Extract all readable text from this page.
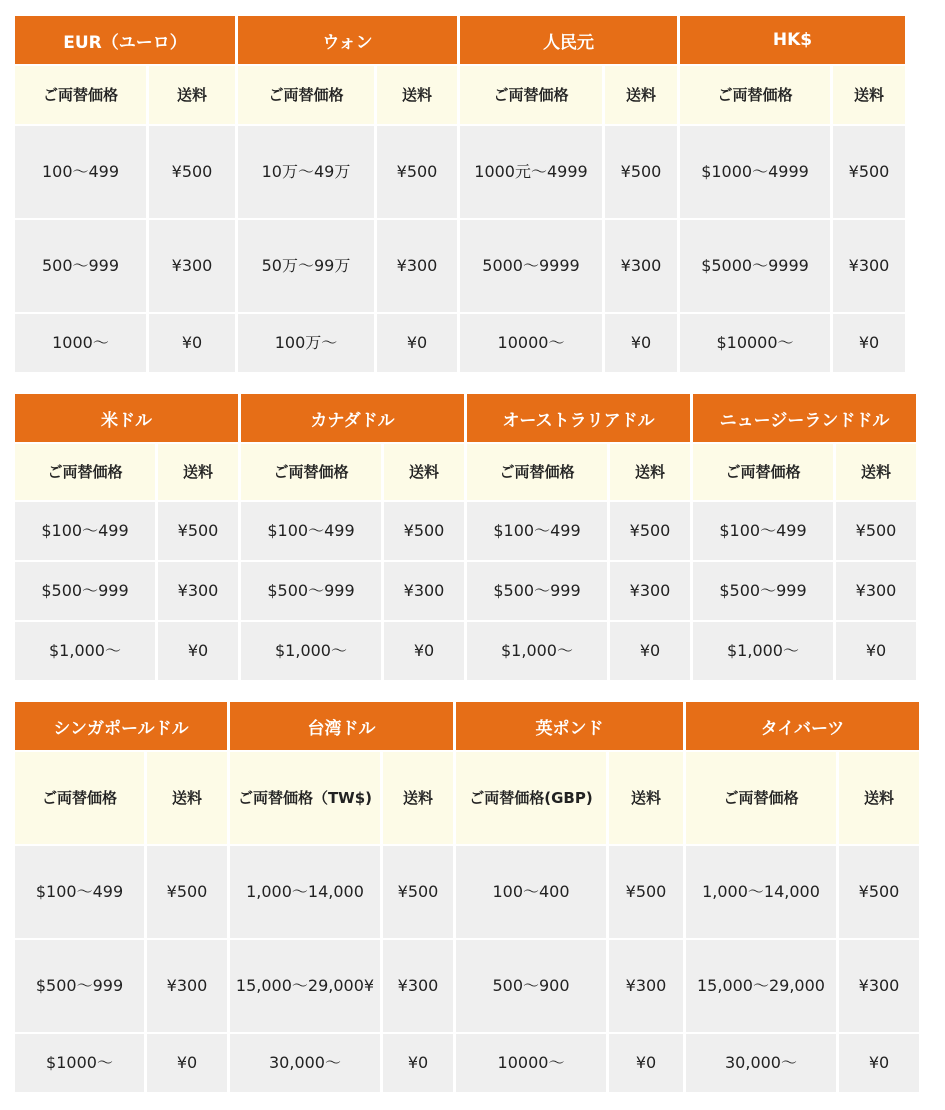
EUR（ユーロ）		ウォン		人民元		HK$	
ご両替価格	送料	ご両替価格	送料	ご両替価格	送料	ご両替価格	送料
100〜499	¥500	10万〜49万	¥500	1000元〜4999	¥500	$1000〜4999	¥500
500〜999	¥300	50万〜99万	¥300	5000〜9999	¥300	$5000〜9999	¥300
1000〜	¥0	100万〜	¥0	10000〜	¥0	$10000〜	¥0
米ドル		カナダドル		オーストラリアドル		ニュージーランドドル	
ご両替価格	送料	ご両替価格	送料	ご両替価格	送料	ご両替価格	送料
$100〜499	¥500	$100〜499	¥500	$100〜499	¥500	$100〜499	¥500
$500〜999	¥300	$500〜999	¥300	$500〜999	¥300	$500〜999	¥300
$1,000〜	¥0	$1,000〜	¥0	$1,000〜	¥0	$1,000〜	¥0
シンガポールドル		台湾ドル		英ポンド		タイバーツ	
ご両替価格	送料	ご両替価格（TW$)	送料	ご両替価格(GBP)	送料	ご両替価格	送料
$100〜499	¥500	1,000〜14,000	¥500	100〜400	¥500	1,000〜14,000	¥500
$500〜999	¥300	15,000〜29,000¥	¥300	500〜900	¥300	15,000〜29,000	¥300
$1000〜	¥0	30,000〜	¥0	10000〜	¥0	30,000〜	¥0
